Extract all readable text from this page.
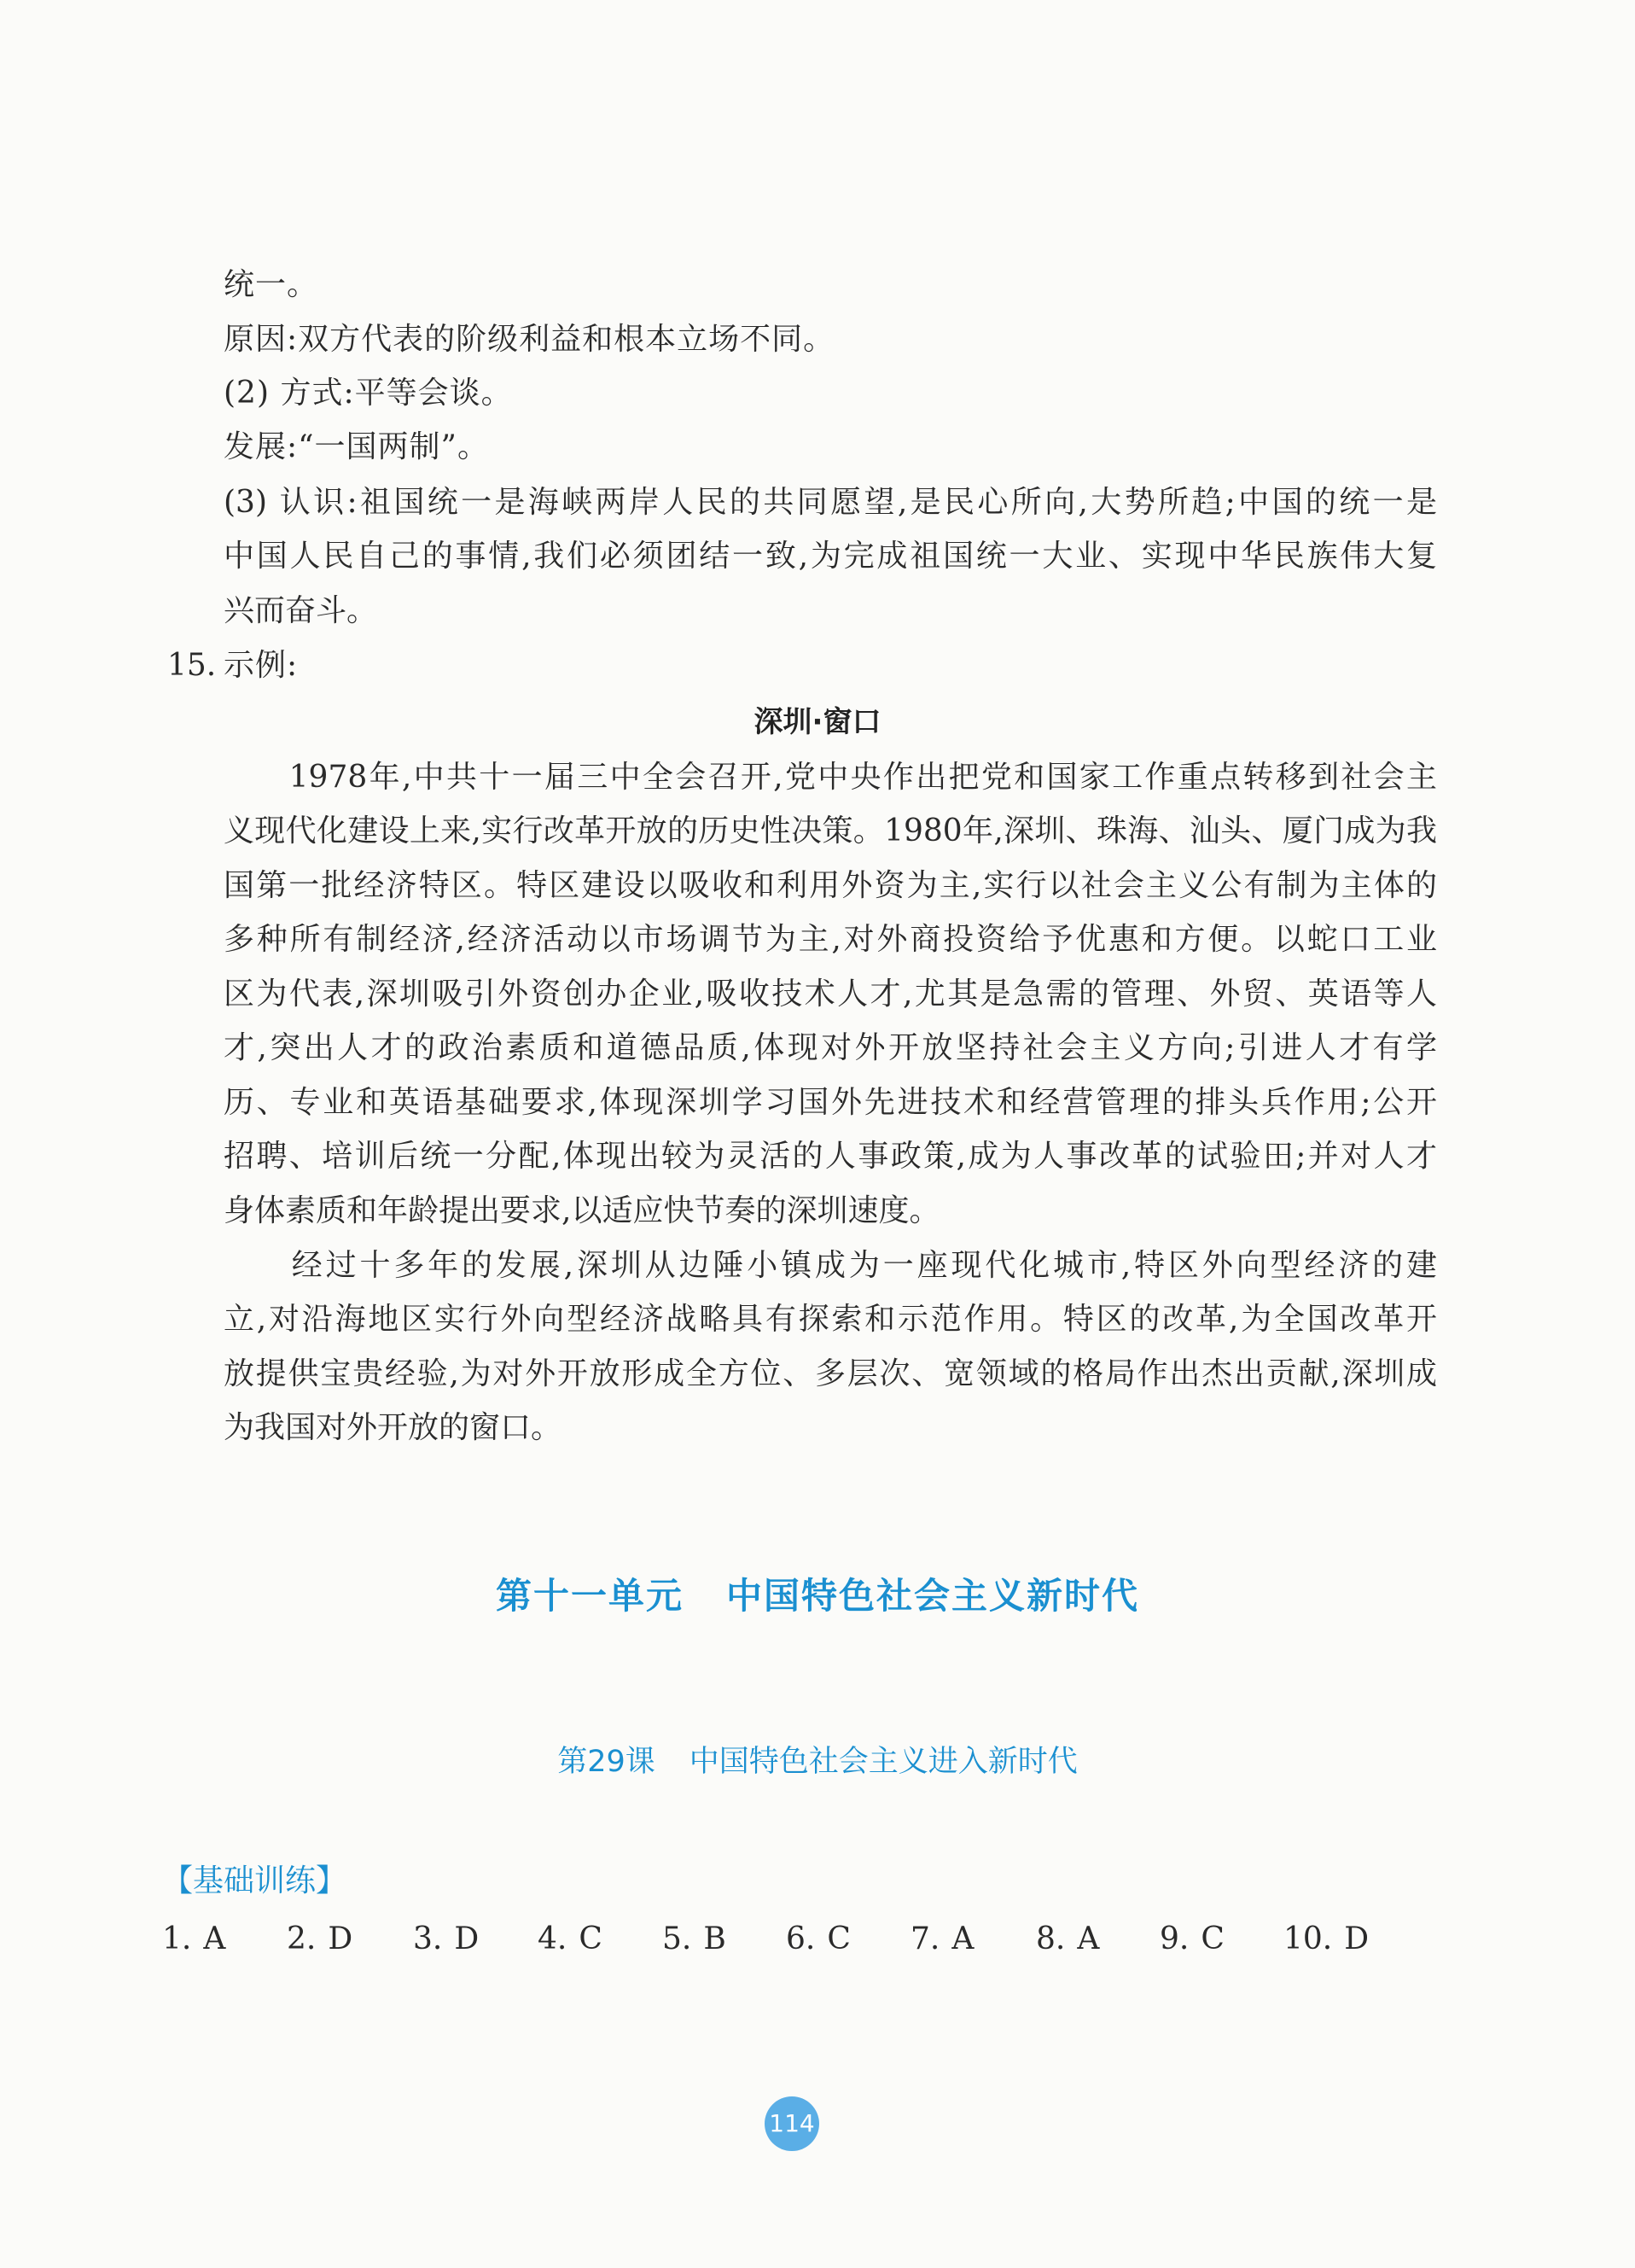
统一。
原因:双方代表的阶级利益和根本立场不同。
(2) 方式:平等会谈。
发展:“一国两制”。
(3) 认识:祖国统一是海峡两岸人民的共同愿望,是民心所向,大势所趋;中国的统一是
中国人民自己的事情,我们必须团结一致,为完成祖国统一大业、实现中华民族伟大复
兴而奋斗。
15. 示例:
深圳·窗口
　　1978年,中共十一届三中全会召开,党中央作出把党和国家工作重点转移到社会主
义现代化建设上来,实行改革开放的历史性决策。1980年,深圳、珠海、汕头、厦门成为我
国第一批经济特区。特区建设以吸收和利用外资为主,实行以社会主义公有制为主体的
多种所有制经济,经济活动以市场调节为主,对外商投资给予优惠和方便。以蛇口工业
区为代表,深圳吸引外资创办企业,吸收技术人才,尤其是急需的管理、外贸、英语等人
才,突出人才的政治素质和道德品质,体现对外开放坚持社会主义方向;引进人才有学
历、专业和英语基础要求,体现深圳学习国外先进技术和经营管理的排头兵作用;公开
招聘、培训后统一分配,体现出较为灵活的人事政策,成为人事改革的试验田;并对人才
身体素质和年龄提出要求,以适应快节奏的深圳速度。
　　经过十多年的发展,深圳从边陲小镇成为一座现代化城市,特区外向型经济的建
立,对沿海地区实行外向型经济战略具有探索和示范作用。特区的改革,为全国改革开
放提供宝贵经验,为对外开放形成全方位、多层次、宽领域的格局作出杰出贡献,深圳成
为我国对外开放的窗口。
第十一单元 中国特色社会主义新时代
第29课 中国特色社会主义进入新时代
【基础训练】
1. A 2. D 3. D 4. C 5. B 6. C 7. A 8. A 9. C 10. D
114
